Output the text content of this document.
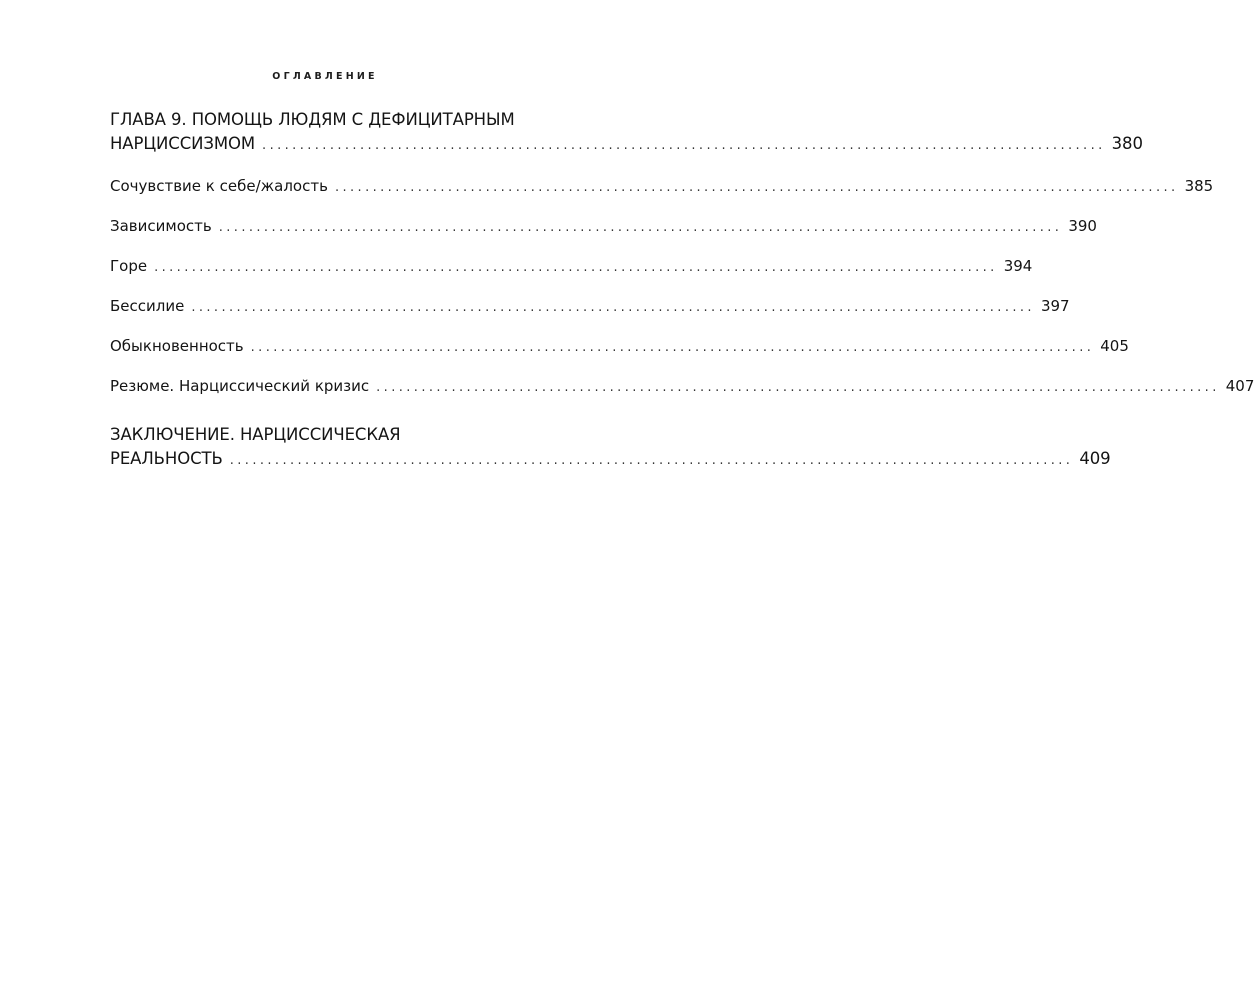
ОГЛАВЛЕНИЕ
ГЛАВА 9. ПОМОЩЬ ЛЮДЯМ С ДЕФИЦИТАРНЫМ
НАРЦИССИЗМОМ ................................................................................................................ 380
Сочувствие к себе/жалость ................................................................................................................ 385
Зависимость ................................................................................................................ 390
Горе ................................................................................................................ 394
Бессилие ................................................................................................................ 397
Обыкновенность ................................................................................................................ 405
Резюме. Нарциссический кризис ................................................................................................................ 407
ЗАКЛЮЧЕНИЕ. НАРЦИССИЧЕСКАЯ
РЕАЛЬНОСТЬ ................................................................................................................ 409
